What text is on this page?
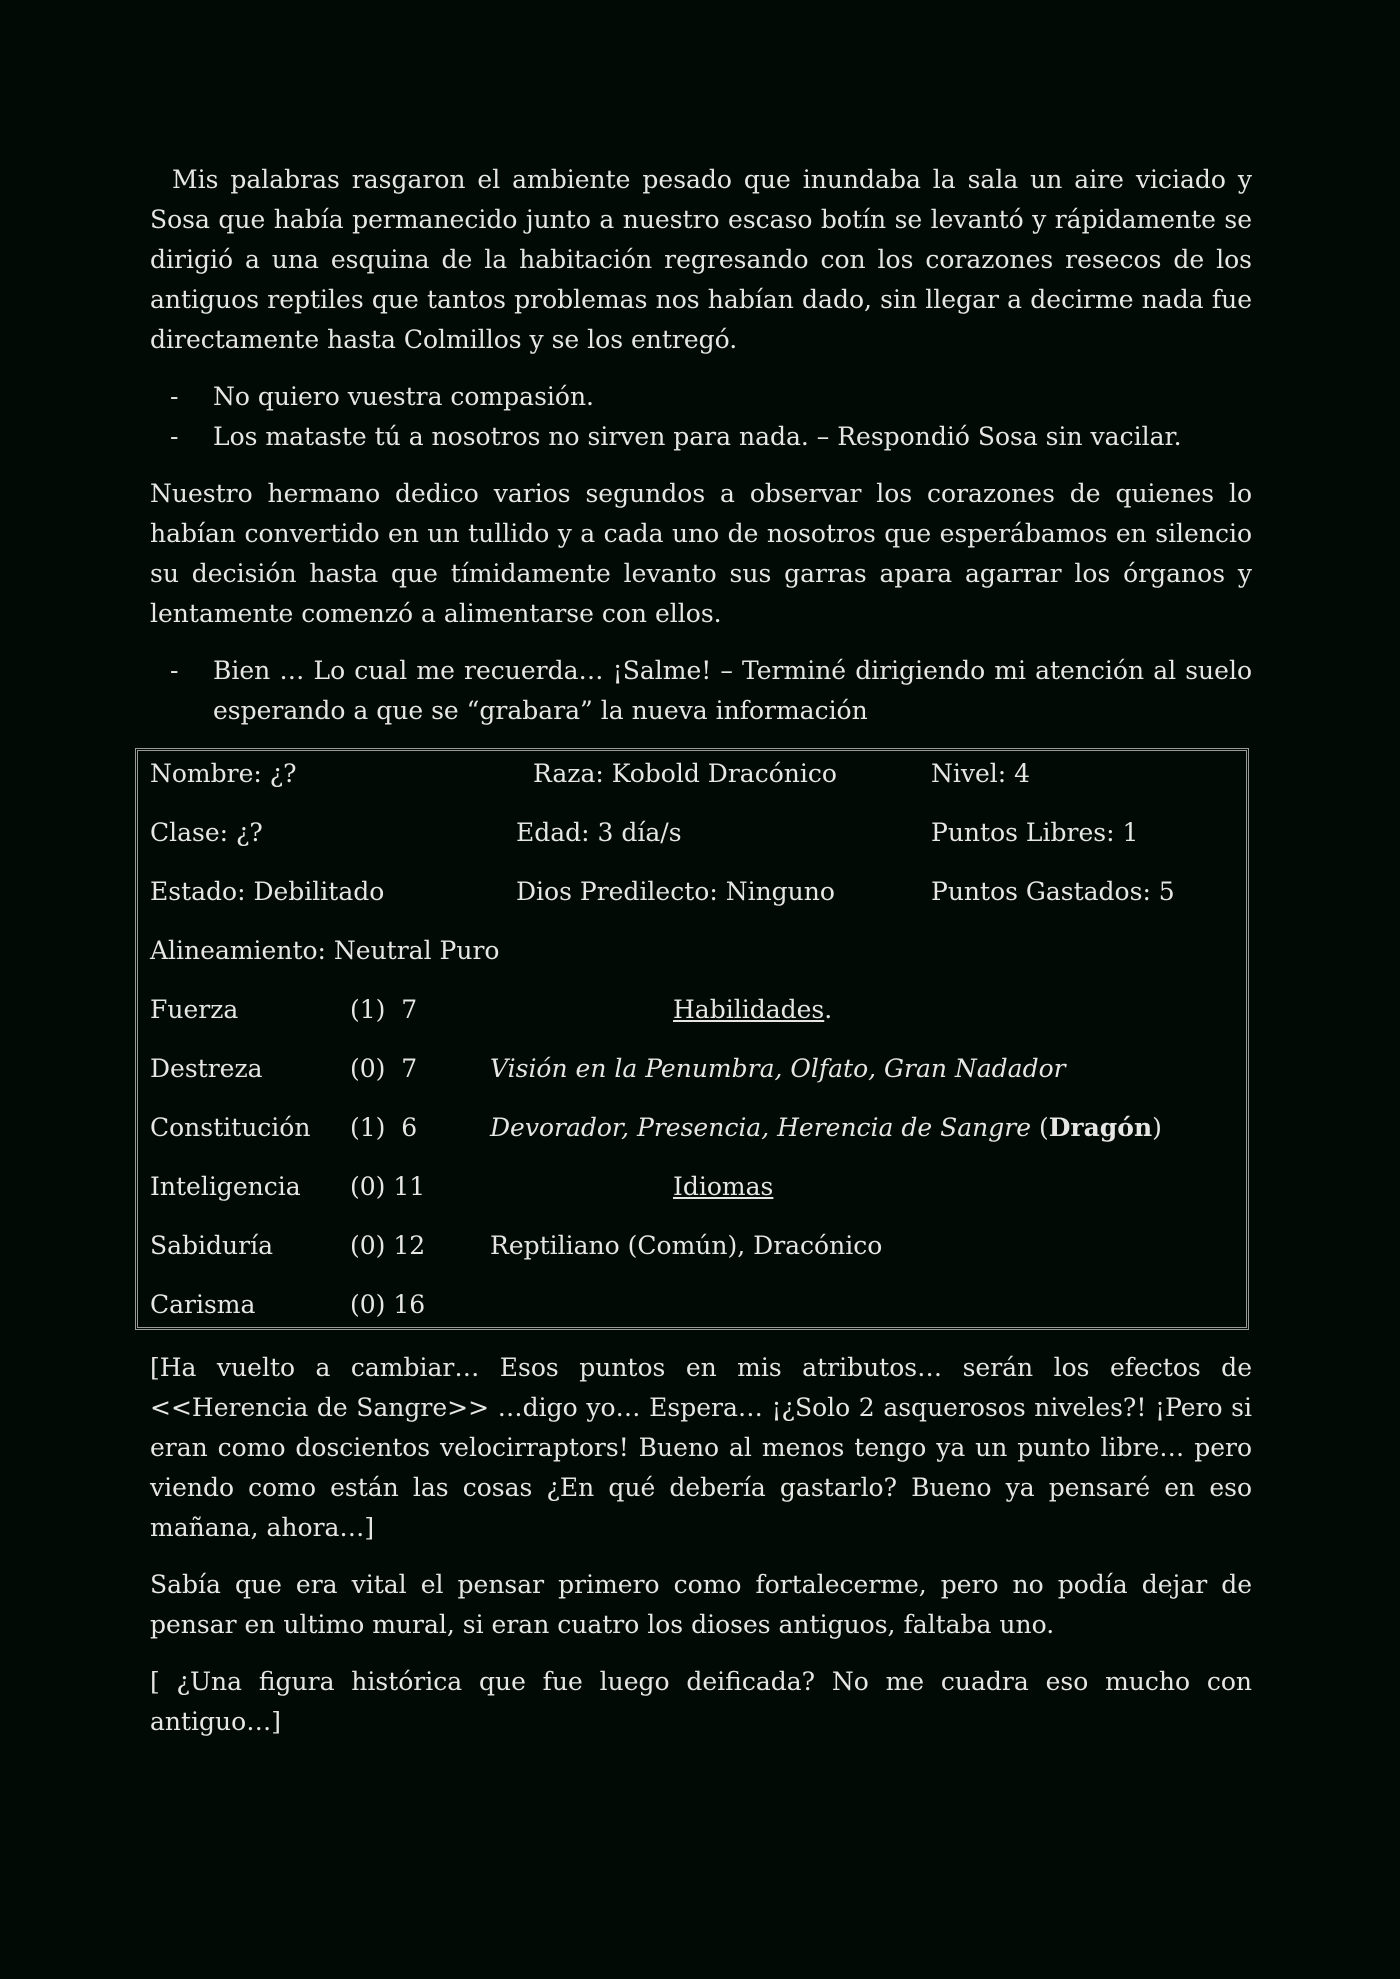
Mis palabras rasgaron el ambiente pesado que inundaba la sala un aire viciado y Sosa que había permanecido junto a nuestro escaso botín se levantó y rápidamente se dirigió a una esquina de la habitación regresando con los corazones resecos de los antiguos reptiles que tantos problemas nos habían dado, sin llegar a decirme nada fue directamente hasta Colmillos y se los entregó.

- No quiero vuestra compasión.
- Los mataste tú a nosotros no sirven para nada. – Respondió Sosa sin vacilar.

Nuestro hermano dedico varios segundos a observar los corazones de quienes lo habían convertido en un tullido y a cada uno de nosotros que esperábamos en silencio su decisión hasta que tímidamente levanto sus garras apara agarrar los órganos y lentamente comenzó a alimentarse con ellos.

- Bien … Lo cual me recuerda… ¡Salme! – Terminé dirigiendo mi atención al suelo esperando a que se “grabara” la nueva información
Nombre: ¿?	Raza: Kobold Dracónico	Nivel: 4
Clase: ¿?	Edad: 3 día/s	Puntos Libres: 1
Estado: Debilitado	Dios Predilecto: Ninguno	Puntos Gastados: 5
Alineamiento: Neutral Puro
Fuerza	(1)  7	Habilidades.
Destreza	(0)  7	Visión en la Penumbra, Olfato, Gran Nadador
Constitución (1)  6	Devorador, Presencia, Herencia de Sangre (Dragón)
Inteligencia (0) 11	Idiomas
Sabiduría	(0) 12	Reptiliano (Común), Dracónico
Carisma	(0) 16

[Ha vuelto a cambiar… Esos puntos en mis atributos… serán los efectos de <<Herencia de Sangre>> …digo yo… Espera… ¡¿Solo 2 asquerosos niveles?! ¡Pero si eran como doscientos velocirraptors! Bueno al menos tengo ya un punto libre… pero viendo como están las cosas ¿En qué debería gastarlo? Bueno ya pensaré en eso mañana, ahora…]

Sabía que era vital el pensar primero como fortalecerme, pero no podía dejar de pensar en ultimo mural, si eran cuatro los dioses antiguos, faltaba uno.

[ ¿Una figura histórica que fue luego deificada? No me cuadra eso mucho con antiguo…]
